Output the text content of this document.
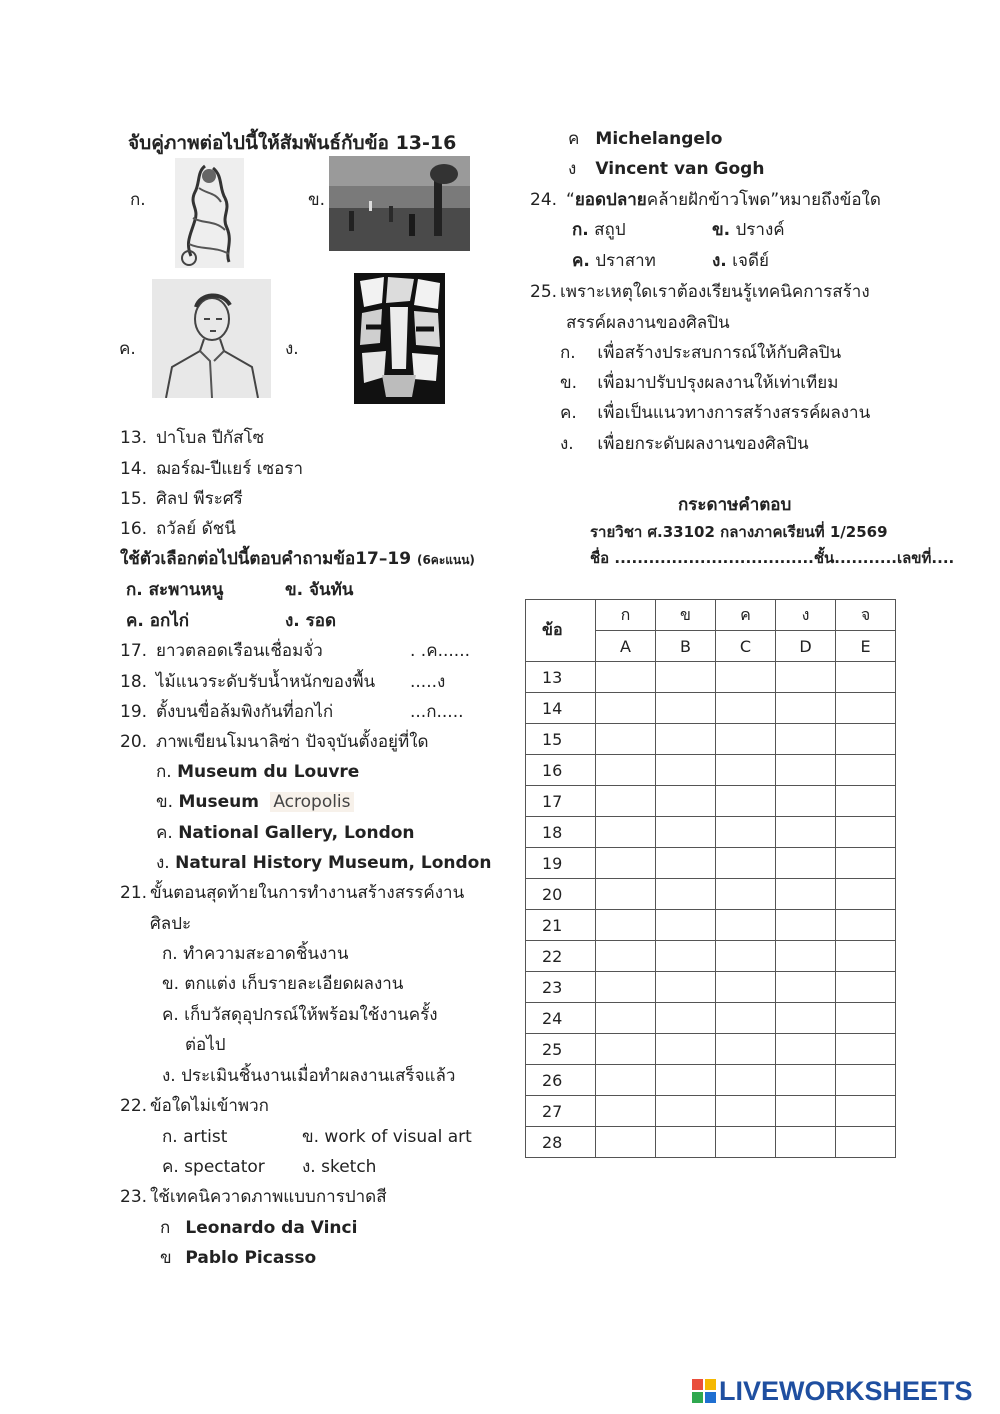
จับคู่ภาพต่อไปนี้ให้สัมพันธ์กับข้อ 13-16
ก.	ข.
ค.	ง.
13. ปาโบล ปีกัสโซ
14. ฌอร์ฌ-ปีแยร์ เซอรา
15. ศิลป พีระศรี
16. ถวัลย์ ดัชนี
ใช้ตัวเลือกต่อไปนี้ตอบคำถามข้อ17–19 (6คะแนน)
ก. สะพานหนู	ข. จันทัน
ค. อกไก่	ง. รอด
17. ยาวตลอดเรือนเชื่อมจั่ว	. .ค......
18. ไม้แนวระดับรับน้ำหนักของพื้น .....ง
19. ตั้งบนขื่อล้มพิงกันที่อกไก่	...ก.....
20. ภาพเขียนโมนาลิซ่า ปัจจุบันตั้งอยู่ที่ใด
ก. Museum du Louvre
ข. Museum Acropolis
ค. National Gallery, London
ง. Natural History Museum, London
21. ขั้นตอนสุดท้ายในการทำงานสร้างสรรค์งาน
ศิลปะ
ก. ทำความสะอาดชิ้นงาน
ข. ตกแต่ง เก็บรายละเอียดผลงาน
ค. เก็บวัสดุอุปกรณ์ให้พร้อมใช้งานครั้ง
ต่อไป
ง. ประเมินชิ้นงานเมื่อทำผลงานเสร็จแล้ว
22. ข้อใดไม่เข้าพวก
ก. artist	ข. work of visual art
ค. spectator ง. sketch
23. ใช้เทคนิควาดภาพแบบการปาดสี
ก Leonardo da Vinci
ข Pablo Picasso
ค Michelangelo
ง Vincent van Gogh
24. “ยอดปลายคล้ายฝักข้าวโพด”หมายถึงข้อใด
ก. สถูป	ข. ปรางค์
ค. ปราสาท	ง. เจดีย์
25. เพราะเหตุใดเราต้องเรียนรู้เทคนิคการสร้าง
สรรค์ผลงานของศิลปิน
ก. เพื่อสร้างประสบการณ์ให้กับศิลปิน
ข. เพื่อมาปรับปรุงผลงานให้เท่าเทียม
ค. เพื่อเป็นแนวทางการสร้างสรรค์ผลงาน
ง. เพื่อยกระดับผลงานของศิลปิน
กระดาษคำตอบ
รายวิชา ศ.33102 กลางภาคเรียนที่ 1/2569
ชื่อ ...................................ชั้น...........เลขที่....
ข้อ	ก	ข	ค	ง	จ
	A	B	C	D	E
13					
14					
15					
16					
17					
18					
19					
20					
21					
22					
23					
24					
25					
26					
27					
28					
LIVEWORKSHEETS
